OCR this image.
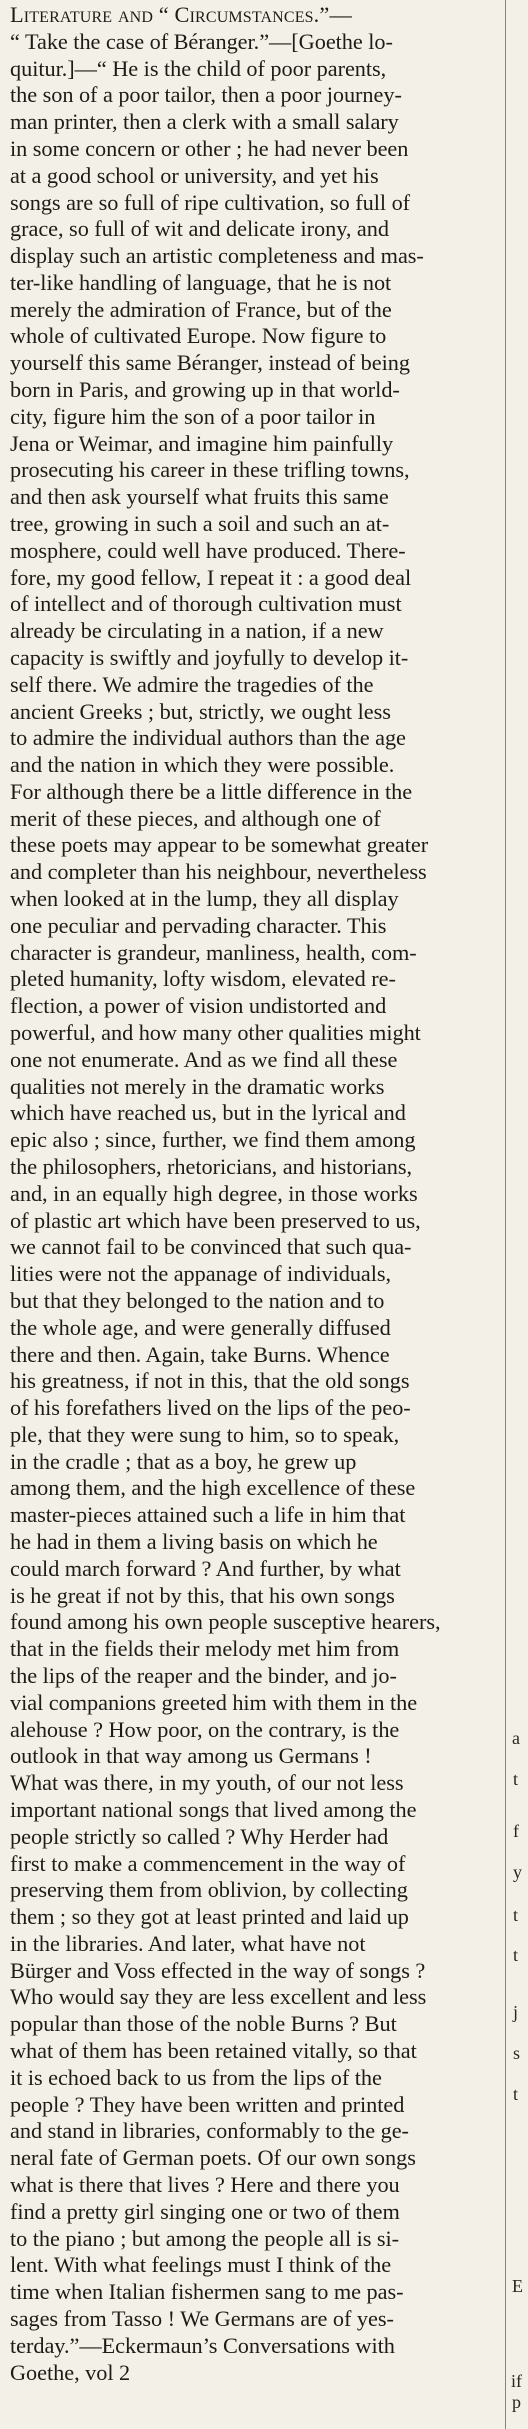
Literature and “ Circumstances.”—
“ Take the case of Béranger.”—[Goethe lo-
quitur.]—“ He is the child of poor parents,
the son of a poor tailor, then a poor journey-
man printer, then a clerk with a small salary
in some concern or other ; he had never been
at a good school or university, and yet his
songs are so full of ripe cultivation, so full of
grace, so full of wit and delicate irony, and
display such an artistic completeness and mas-
ter-like handling of language, that he is not
merely the admiration of France, but of the
whole of cultivated Europe. Now figure to
yourself this same Béranger, instead of being
born in Paris, and growing up in that world-
city, figure him the son of a poor tailor in
Jena or Weimar, and imagine him painfully
prosecuting his career in these trifling towns,
and then ask yourself what fruits this same
tree, growing in such a soil and such an at-
mosphere, could well have produced. There-
fore, my good fellow, I repeat it : a good deal
of intellect and of thorough cultivation must
already be circulating in a nation, if a new
capacity is swiftly and joyfully to develop it-
self there. We admire the tragedies of the
ancient Greeks ; but, strictly, we ought less
to admire the individual authors than the age
and the nation in which they were possible.
For although there be a little difference in the
merit of these pieces, and although one of
these poets may appear to be somewhat greater
and completer than his neighbour, nevertheless
when looked at in the lump, they all display
one peculiar and pervading character. This
character is grandeur, manliness, health, com-
pleted humanity, lofty wisdom, elevated re-
flection, a power of vision undistorted and
powerful, and how many other qualities might
one not enumerate. And as we find all these
qualities not merely in the dramatic works
which have reached us, but in the lyrical and
epic also ; since, further, we find them among
the philosophers, rhetoricians, and historians,
and, in an equally high degree, in those works
of plastic art which have been preserved to us,
we cannot fail to be convinced that such qua-
lities were not the appanage of individuals,
but that they belonged to the nation and to
the whole age, and were generally diffused
there and then. Again, take Burns. Whence
his greatness, if not in this, that the old songs
of his forefathers lived on the lips of the peo-
ple, that they were sung to him, so to speak,
in the cradle ; that as a boy, he grew up
among them, and the high excellence of these
master-pieces attained such a life in him that
he had in them a living basis on which he
could march forward ? And further, by what
is he great if not by this, that his own songs
found among his own people susceptive hearers,
that in the fields their melody met him from
the lips of the reaper and the binder, and jo-
vial companions greeted him with them in the
alehouse ? How poor, on the contrary, is the
outlook in that way among us Germans !
What was there, in my youth, of our not less
important national songs that lived among the
people strictly so called ? Why Herder had
first to make a commencement in the way of
preserving them from oblivion, by collecting
them ; so they got at least printed and laid up
in the libraries. And later, what have not
Bürger and Voss effected in the way of songs ?
Who would say they are less excellent and less
popular than those of the noble Burns ? But
what of them has been retained vitally, so that
it is echoed back to us from the lips of the
people ? They have been written and printed
and stand in libraries, conformably to the ge-
neral fate of German poets. Of our own songs
what is there that lives ? Here and there you
find a pretty girl singing one or two of them
to the piano ; but among the people all is si-
lent. With what feelings must I think of the
time when Italian fishermen sang to me pas-
sages from Tasso ! We Germans are of yes-
terday.”—Eckermaun’s Conversations with
Goethe, vol 2
a
t
f
y
t
t
j
s
t
E
if
p
